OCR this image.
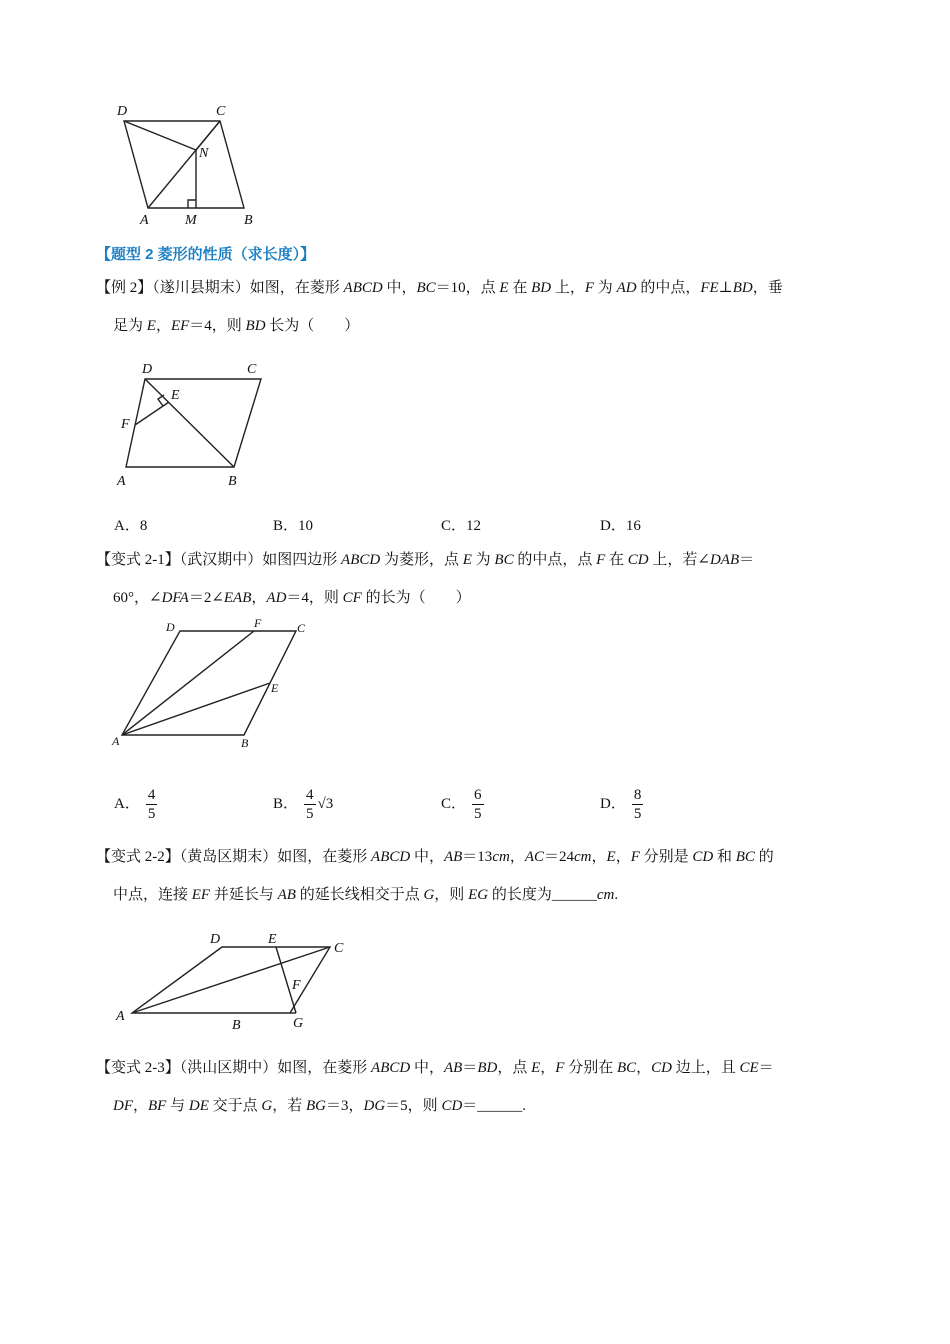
D	C
N
A	M	B
【题型 2 菱形的性质（求长度）】
【例 2】（遂川县期末）如图，在菱形 ABCD 中，BC＝10，点 E 在 BD 上，F 为 AD 的中点，FE⊥BD，垂
足为 E，EF＝4，则 BD 长为（　　）
D	C
E
F
A	B
A．8	B．10	C．12	D．16
【变式 2-1】（武汉期中）如图四边形 ABCD 为菱形，点 E 为 BC 的中点，点 F 在 CD 上，若∠DAB＝
60°，∠DFA＝2∠EAB，AD＝4，则 CF 的长为（　　）
D	F	C
E
A	B
A． $\frac{4}{5}$	B． $\frac{4}{5} √3$	C． $\frac{6}{5}$	D． $\frac{8}{5}$
【变式 2-2】（黄岛区期末）如图，在菱形 ABCD 中，AB＝13cm，AC＝24cm，E，F 分别是 CD 和 BC 的
中点，连接 EF 并延长与 AB 的延长线相交于点 G，则 EG 的长度为______cm.
D	E
C
F
A
B	G
【变式 2-3】（洪山区期中）如图，在菱形 ABCD 中，AB＝BD，点 E，F 分别在 BC，CD 边上，且 CE＝
DF，BF 与 DE 交于点 G，若 BG＝3，DG＝5，则 CD＝______.
